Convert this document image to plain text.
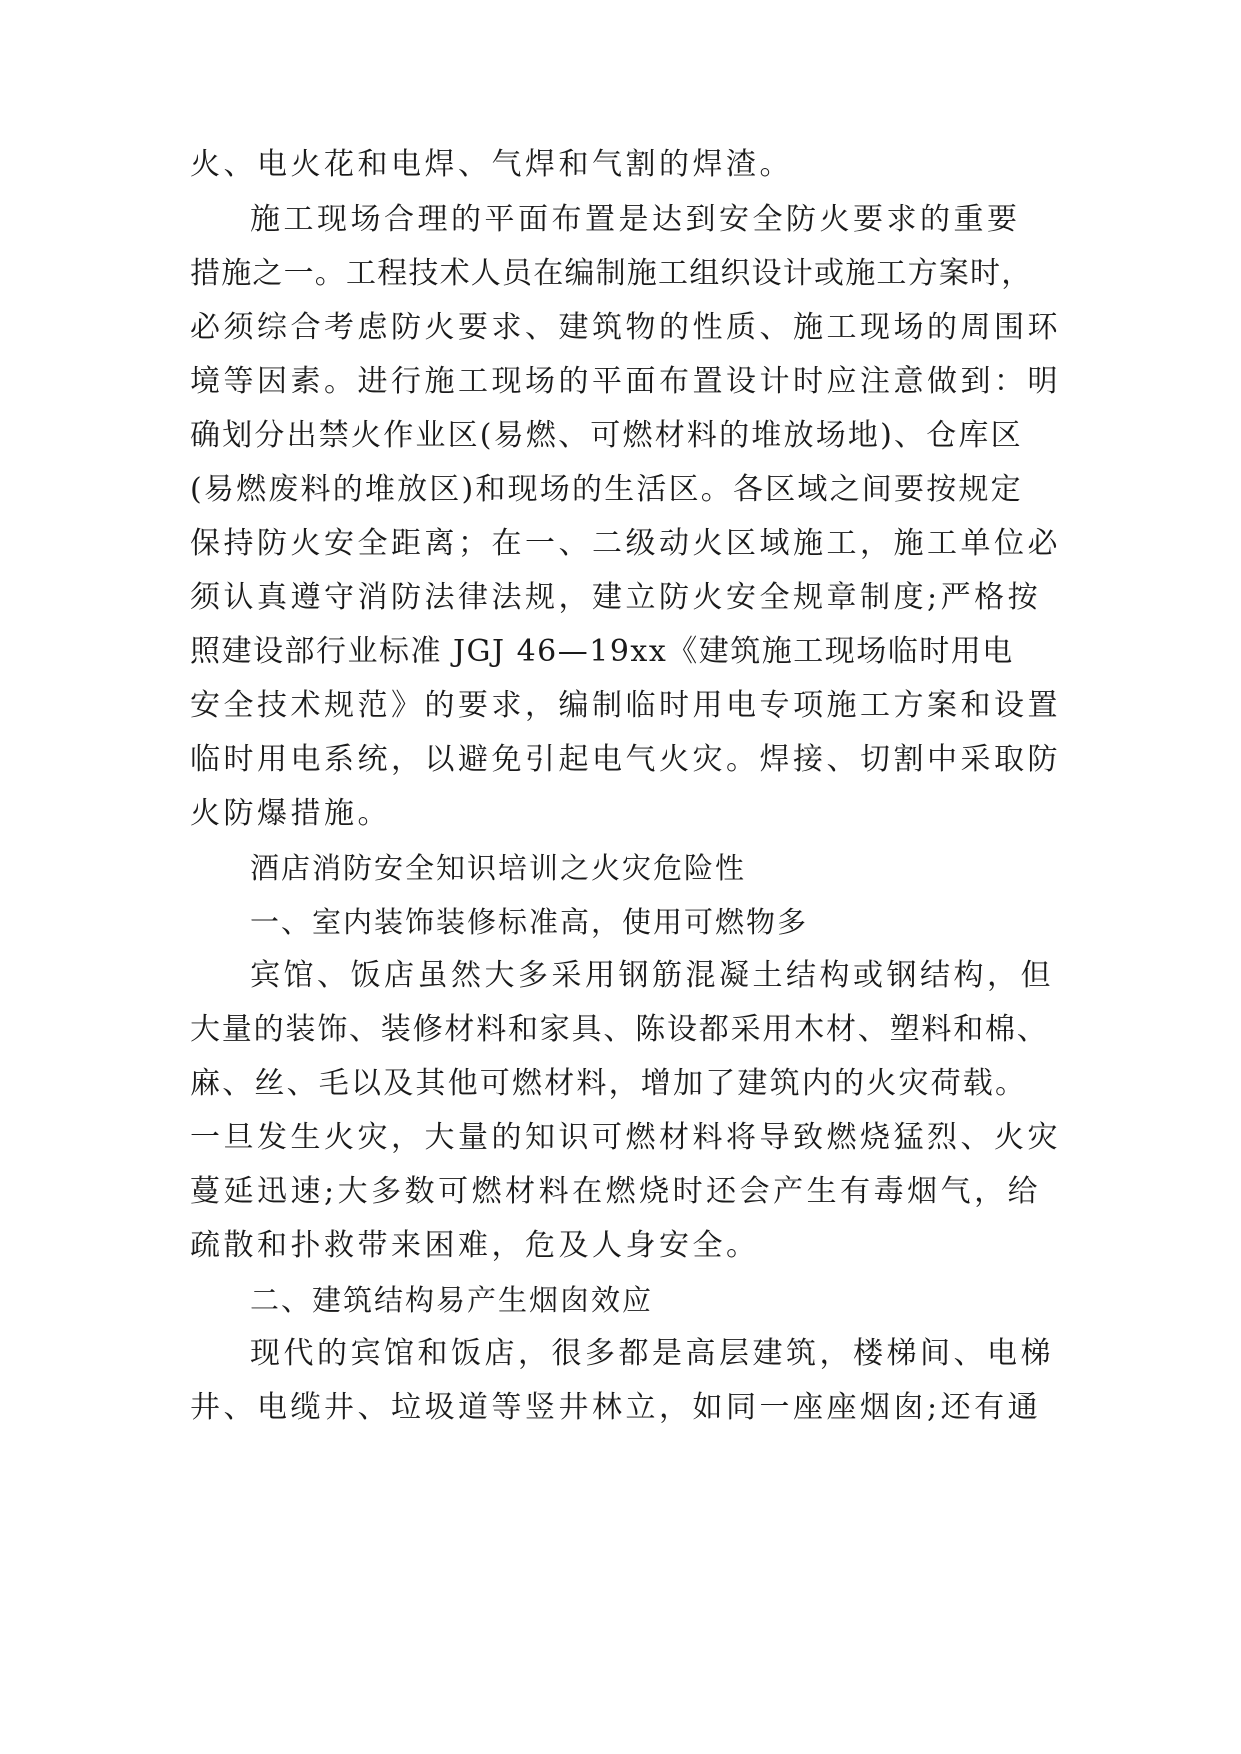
火、电火花和电焊、气焊和气割的焊渣。
施工现场合理的平面布置是达到安全防火要求的重要
措施之一。工程技术人员在编制施工组织设计或施工方案时，
必须综合考虑防火要求、建筑物的性质、施工现场的周围环
境等因素。进行施工现场的平面布置设计时应注意做到：明
确划分出禁火作业区(易燃、可燃材料的堆放场地)、仓库区
(易燃废料的堆放区)和现场的生活区。各区域之间要按规定
保持防火安全距离；在一、二级动火区域施工，施工单位必
须认真遵守消防法律法规，建立防火安全规章制度;严格按
照建设部行业标准 JGJ 46—19xx《建筑施工现场临时用电
安全技术规范》的要求，编制临时用电专项施工方案和设置
临时用电系统，以避免引起电气火灾。焊接、切割中采取防
火防爆措施。
酒店消防安全知识培训之火灾危险性
一、室内装饰装修标准高，使用可燃物多
宾馆、饭店虽然大多采用钢筋混凝土结构或钢结构，但
大量的装饰、装修材料和家具、陈设都采用木材、塑料和棉、
麻、丝、毛以及其他可燃材料，增加了建筑内的火灾荷载。
一旦发生火灾，大量的知识可燃材料将导致燃烧猛烈、火灾
蔓延迅速;大多数可燃材料在燃烧时还会产生有毒烟气，给
疏散和扑救带来困难，危及人身安全。
二、建筑结构易产生烟囱效应
现代的宾馆和饭店，很多都是高层建筑，楼梯间、电梯
井、电缆井、垃圾道等竖井林立，如同一座座烟囱;还有通
